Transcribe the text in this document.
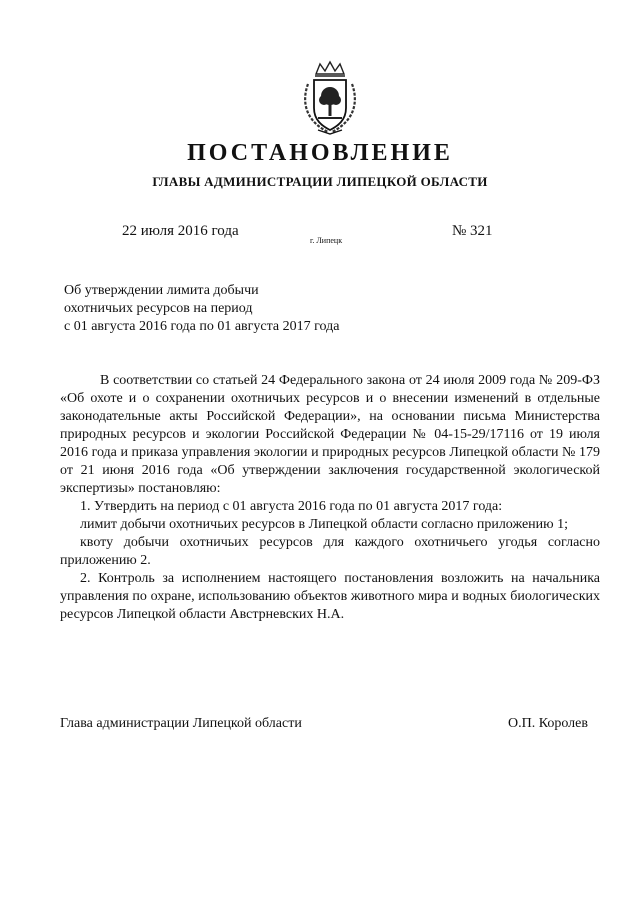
ПОСТАНОВЛЕНИЕ
ГЛАВЫ АДМИНИСТРАЦИИ ЛИПЕЦКОЙ ОБЛАСТИ
22 июля 2016 года
г. Липецк
№ 321
Об утверждении лимита добычи
охотничьих ресурсов на период
с 01 августа 2016 года по 01 августа 2017 года

В соответствии со статьей 24 Федерального закона от 24 июля 2009 года № 209-ФЗ «Об охоте и о сохранении охотничьих ресурсов и о внесении изменений в отдельные законодательные акты Российской Федерации», на основании письма Министерства природных ресурсов и экологии Российской Федерации № 04-15-29/17116 от 19 июля 2016 года и приказа управления экологии и природных ресурсов Липецкой области № 179 от 21 июня 2016 года «Об утверждении заключения государственной экологической экспертизы» постановляю:

1. Утвердить на период с 01 августа 2016 года по 01 августа 2017 года:

лимит добычи охотничьих ресурсов в Липецкой области согласно приложению 1;

квоту добычи охотничьих ресурсов для каждого охотничьего угодья согласно приложению 2.

2. Контроль за исполнением настоящего постановления возложить на начальника управления по охране, использованию объектов животного мира и водных биологических ресурсов Липецкой области Австрневских Н.А.

Глава администрации Липецкой области	О.П. Королев
